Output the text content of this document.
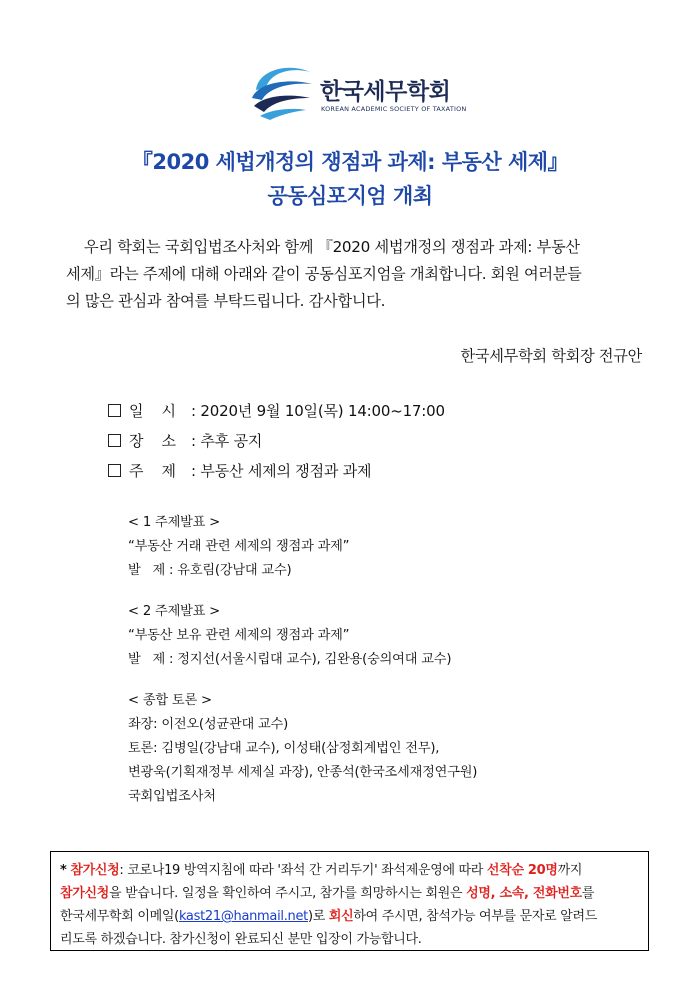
한국세무학회
KOREAN ACADEMIC SOCIETY OF TAXATION
『2020 세법개정의 쟁점과 과제: 부동산 세제』
공동심포지엄 개최
우리 학회는 국회입법조사처와 함께 『2020 세법개정의 쟁점과 과제: 부동산
세제』라는 주제에 대해 아래와 같이 공동심포지엄을 개최합니다. 회원 여러분들
의 많은 관심과 참여를 부탁드립니다. 감사합니다.
한국세무학회 학회장 전규안
일    시 : 2020년 9월 10일(목) 14:00~17:00
장    소 : 추후 공지
주    제 : 부동산 세제의 쟁점과 과제
< 1 주제발표 >
“부동산 거래 관련 세제의 쟁점과 과제”
발   제 : 유호림(강남대 교수)
< 2 주제발표 >
“부동산 보유 관련 세제의 쟁점과 과제”
발   제 : 정지선(서울시립대 교수), 김완용(숭의여대 교수)
< 종합 토론 >
좌장: 이전오(성균관대 교수)
토론: 김병일(강남대 교수), 이성태(삼정회계법인 전무),
변광욱(기획재정부 세제실 과장), 안종석(한국조세재정연구원)
국회입법조사처
* 참가신청: 코로나19 방역지침에 따라 '좌석 간 거리두기' 좌석제운영에 따라 선착순 20명까지
참가신청을 받습니다. 일정을 확인하여 주시고, 참가를 희망하시는 회원은 성명, 소속, 전화번호를
한국세무학회 이메일(kast21@hanmail.net)로 회신하여 주시면, 참석가능 여부를 문자로 알려드
리도록 하겠습니다. 참가신청이 완료되신 분만 입장이 가능합니다.
